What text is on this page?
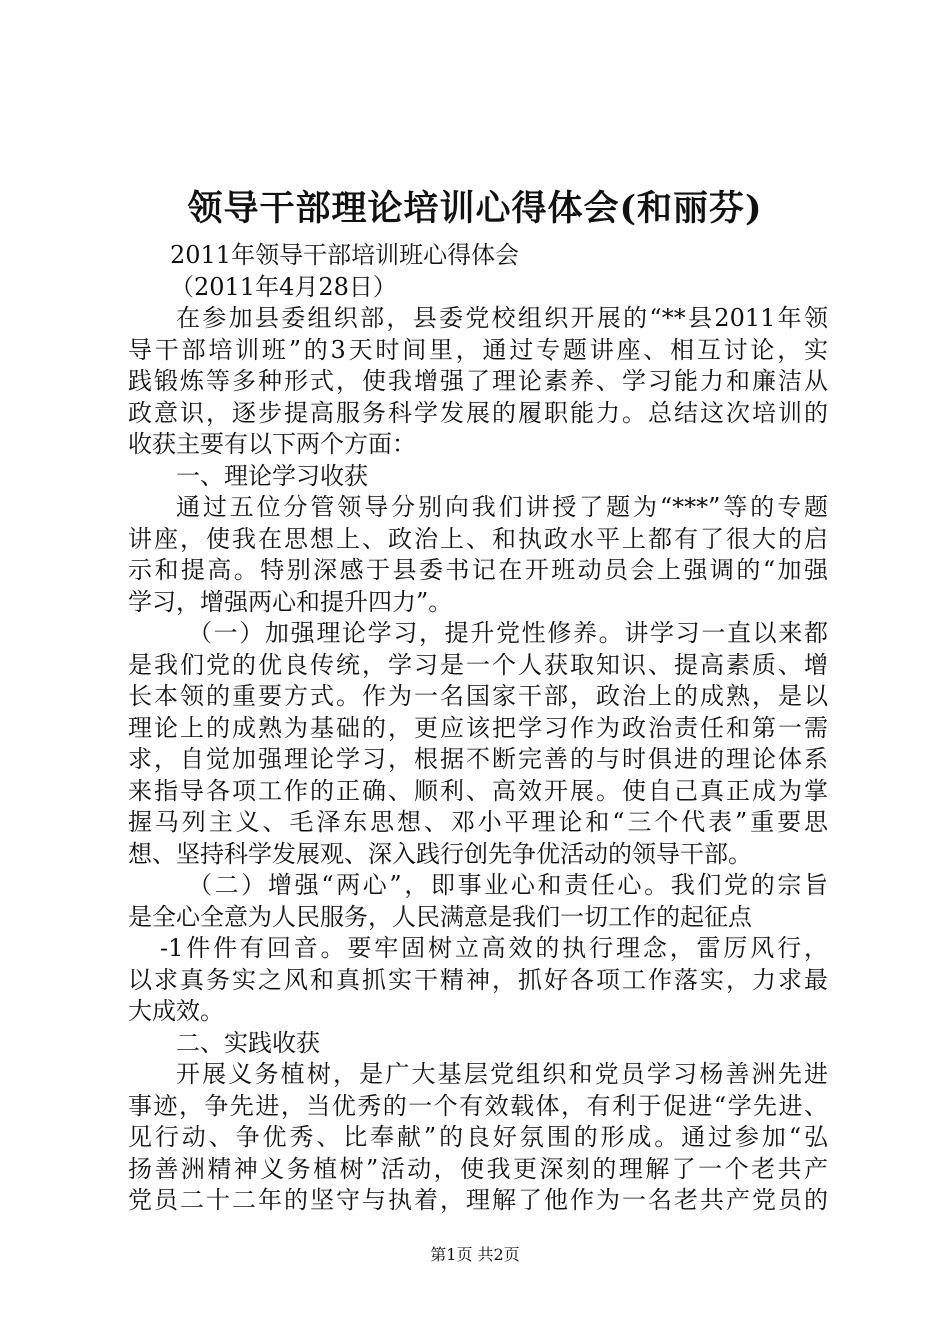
领导干部理论培训心得体会(和丽芬)
2011年领导干部培训班心得体会
（2011年4月28日）
在参加县委组织部，县委党校组织开展的“**县2011年领
导干部培训班”的3天时间里，通过专题讲座、相互讨论，实
践锻炼等多种形式，使我增强了理论素养、学习能力和廉洁从
政意识，逐步提高服务科学发展的履职能力。总结这次培训的
收获主要有以下两个方面：
一、理论学习收获
通过五位分管领导分别向我们讲授了题为“***”等的专题
讲座，使我在思想上、政治上、和执政水平上都有了很大的启
示和提高。特别深感于县委书记在开班动员会上强调的“加强
学习，增强两心和提升四力”。
（一）加强理论学习，提升党性修养。讲学习一直以来都
是我们党的优良传统，学习是一个人获取知识、提高素质、增
长本领的重要方式。作为一名国家干部，政治上的成熟，是以
理论上的成熟为基础的，更应该把学习作为政治责任和第一需
求，自觉加强理论学习，根据不断完善的与时俱进的理论体系
来指导各项工作的正确、顺利、高效开展。使自己真正成为掌
握马列主义、毛泽东思想、邓小平理论和“三个代表”重要思
想、坚持科学发展观、深入践行创先争优活动的领导干部。
（二）增强“两心”，即事业心和责任心。我们党的宗旨
是全心全意为人民服务，人民满意是我们一切工作的起征点
-1件件有回音。要牢固树立高效的执行理念，雷厉风行，
以求真务实之风和真抓实干精神，抓好各项工作落实，力求最
大成效。
二、实践收获
开展义务植树，是广大基层党组织和党员学习杨善洲先进
事迹，争先进，当优秀的一个有效载体，有利于促进“学先进、
见行动、争优秀、比奉献”的良好氛围的形成。通过参加“弘
扬善洲精神义务植树”活动，使我更深刻的理解了一个老共产
党员二十二年的坚守与执着，理解了他作为一名老共产党员的
第1页 共2页
